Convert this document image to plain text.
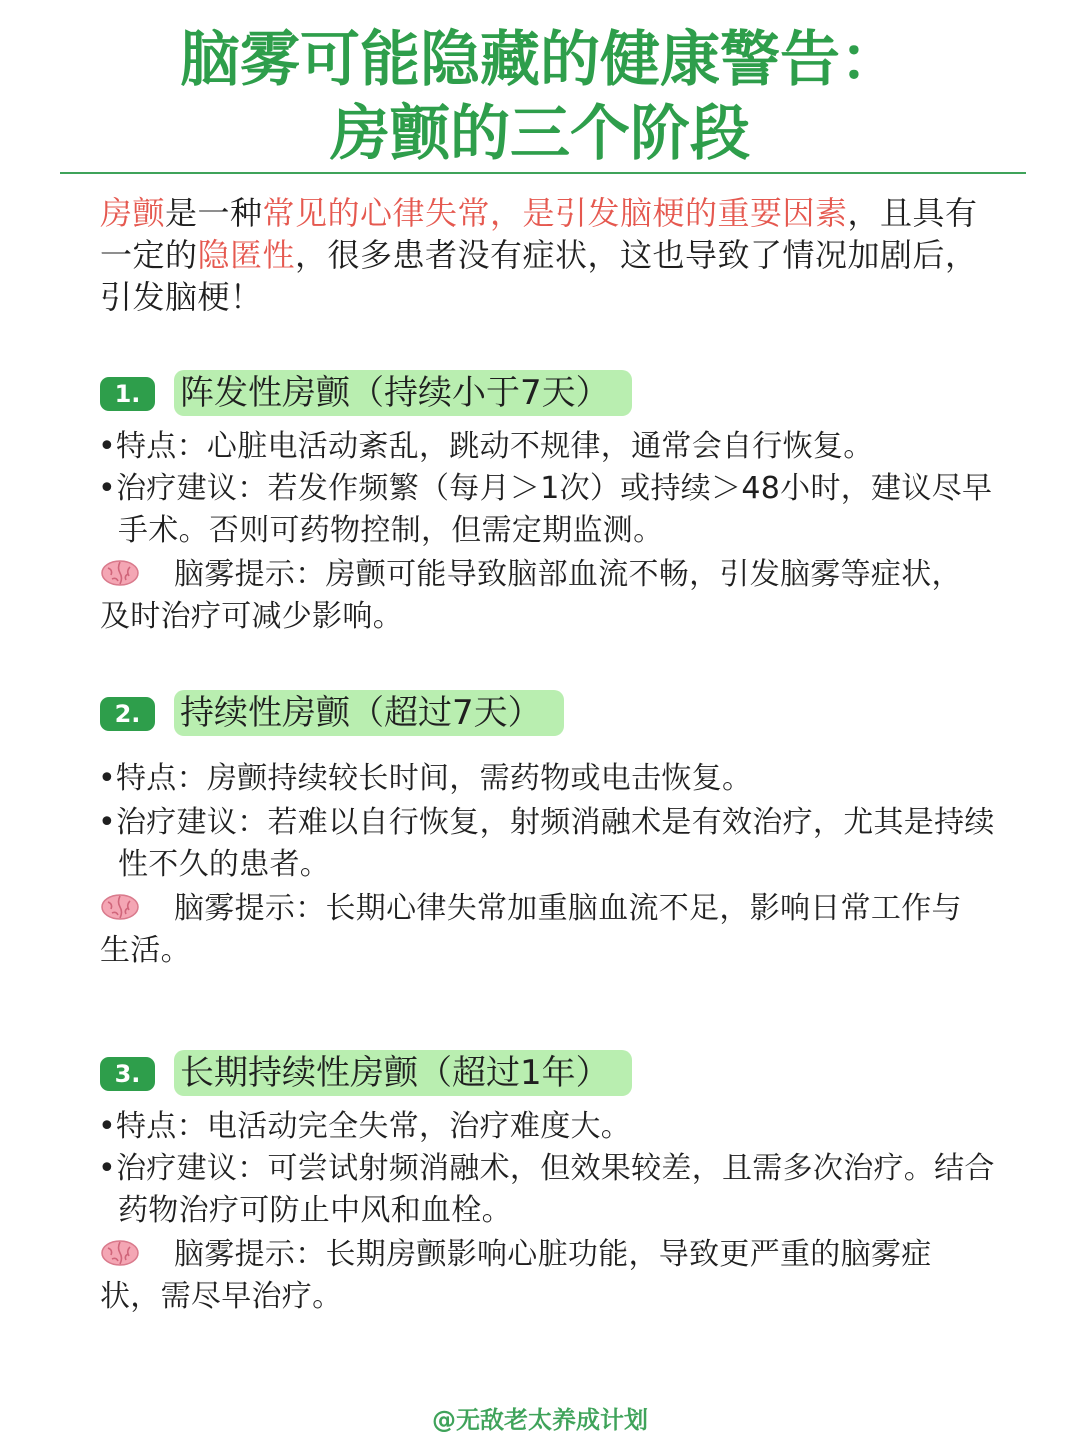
脑雾可能隐藏的健康警告：
房颤的三个阶段

房颤是一种常见的心律失常，是引发脑梗的重要因素，且具有一定的隐匿性，很多患者没有症状，这也导致了情况加剧后，引发脑梗！

1.	阵发性房颤（持续小于7天）

•特点：心脏电活动紊乱，跳动不规律，通常会自行恢复。

•治疗建议：若发作频繁（每月＞1次）或持续＞48小时，建议尽早手术。否则可药物控制，但需定期监测。

脑雾提示：房颤可能导致脑部血流不畅，引发脑雾等症状，及时治疗可减少影响。

2.	持续性房颤（超过7天）

•特点：房颤持续较长时间，需药物或电击恢复。

•治疗建议：若难以自行恢复，射频消融术是有效治疗，尤其是持续性不久的患者。

脑雾提示：长期心律失常加重脑血流不足，影响日常工作与生活。

3.	长期持续性房颤（超过1年）

•特点：电活动完全失常，治疗难度大。

•治疗建议：可尝试射频消融术，但效果较差，且需多次治疗。结合药物治疗可防止中风和血栓。

脑雾提示：长期房颤影响心脏功能，导致更严重的脑雾症状，需尽早治疗。

@无敌老太养成计划
